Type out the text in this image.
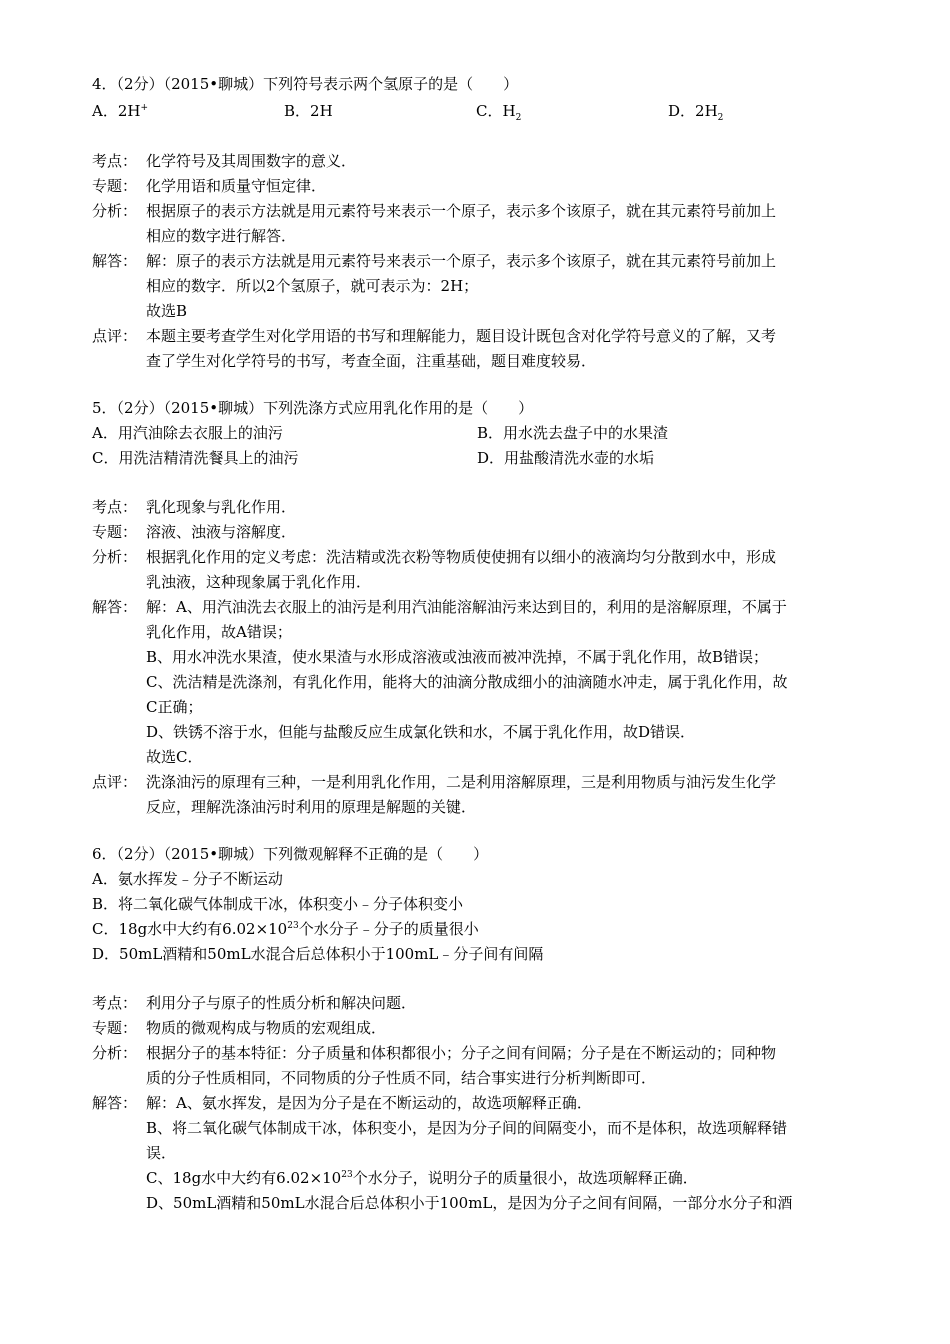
4．（2分）（2015•聊城）下列符号表示两个氢原子的是（　　）
A．2H+	B．2H	C．$H_2$	D．$2H_2$
考点： 化学符号及其周围数字的意义．
专题： 化学用语和质量守恒定律．
分析： 根据原子的表示方法就是用元素符号来表示一个原子，表示多个该原子，就在其元素符号前加上
相应的数字进行解答．
解答： 解：原子的表示方法就是用元素符号来表示一个原子，表示多个该原子，就在其元素符号前加上
相应的数字．所以2个氢原子，就可表示为：2H；
故选B
点评： 本题主要考查学生对化学用语的书写和理解能力，题目设计既包含对化学符号意义的了解，又考
查了学生对化学符号的书写，考查全面，注重基础，题目难度较易．
5．（2分）（2015•聊城）下列洗涤方式应用乳化作用的是（　　）
A．用汽油除去衣服上的油污	B．用水洗去盘子中的水果渣
C．用洗洁精清洗餐具上的油污	D．用盐酸清洗水壶的水垢
考点： 乳化现象与乳化作用．
专题： 溶液、浊液与溶解度．
分析： 根据乳化作用的定义考虑：洗洁精或洗衣粉等物质使使拥有以细小的液滴均匀分散到水中，形成
乳浊液，这种现象属于乳化作用．
解答： 解：A、用汽油洗去衣服上的油污是利用汽油能溶解油污来达到目的，利用的是溶解原理，不属于
乳化作用，故A错误；
B、用水冲洗水果渣，使水果渣与水形成溶液或浊液而被冲洗掉，不属于乳化作用，故B错误；
C、洗洁精是洗涤剂，有乳化作用，能将大的油滴分散成细小的油滴随水冲走，属于乳化作用，故
C正确；
D、铁锈不溶于水，但能与盐酸反应生成氯化铁和水，不属于乳化作用，故D错误．
故选C．
点评： 洗涤油污的原理有三种，一是利用乳化作用，二是利用溶解原理，三是利用物质与油污发生化学
反应，理解洗涤油污时利用的原理是解题的关键．
6．（2分）（2015•聊城）下列微观解释不正确的是（　　）
A．氨水挥发﹣分子不断运动
B．将二氧化碳气体制成干冰，体积变小﹣分子体积变小
C．18g水中大约有$6.02\times 10^{23}$个水分子﹣分子的质量很小
D．50mL酒精和50mL水混合后总体积小于100mL﹣分子间有间隔
考点： 利用分子与原子的性质分析和解决问题．
专题： 物质的微观构成与物质的宏观组成．
分析： 根据分子的基本特征：分子质量和体积都很小；分子之间有间隔；分子是在不断运动的；同种物
质的分子性质相同，不同物质的分子性质不同，结合事实进行分析判断即可．
解答： 解：A、氨水挥发，是因为分子是在不断运动的，故选项解释正确．
B、将二氧化碳气体制成干冰，体积变小，是因为分子间的间隔变小，而不是体积，故选项解释错
误．
C、18g水中大约有$6.02\times 10^{23}$个水分子，说明分子的质量很小，故选项解释正确．
D、50mL酒精和50mL水混合后总体积小于100mL，是因为分子之间有间隔，一部分水分子和酒
